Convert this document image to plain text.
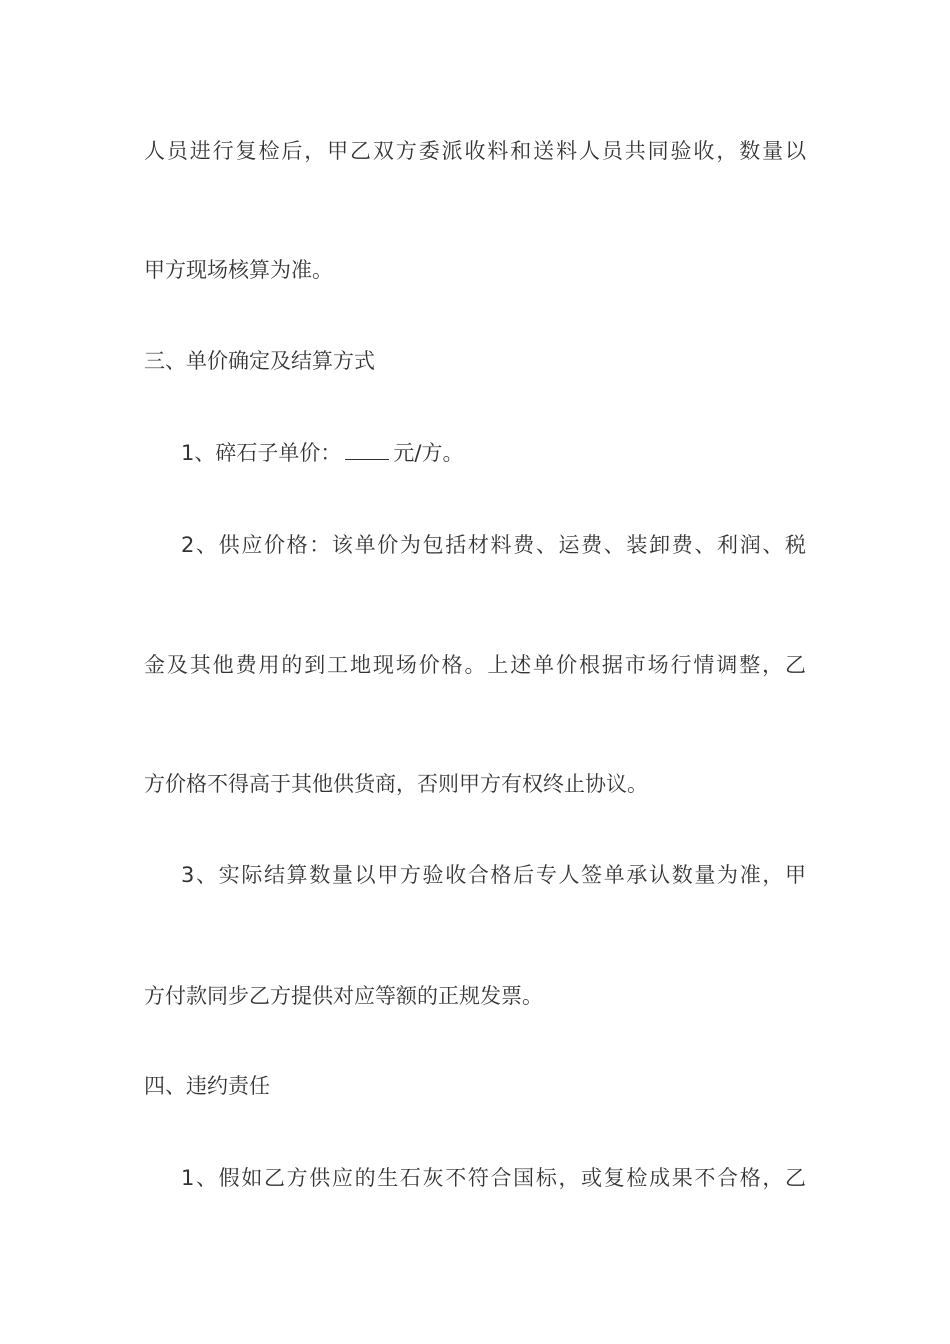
人员进行复检后，甲乙双方委派收料和送料人员共同验收，数量以
甲方现场核算为准。
三、单价确定及结算方式
1、碎石子单价： 元/方。
2、供应价格：该单价为包括材料费、运费、装卸费、利润、税
金及其他费用的到工地现场价格。上述单价根据市场行情调整，乙
方价格不得高于其他供货商，否则甲方有权终止协议。
3、实际结算数量以甲方验收合格后专人签单承认数量为准，甲
方付款同步乙方提供对应等额的正规发票。
四、违约责任
1、假如乙方供应的生石灰不符合国标，或复检成果不合格，乙
